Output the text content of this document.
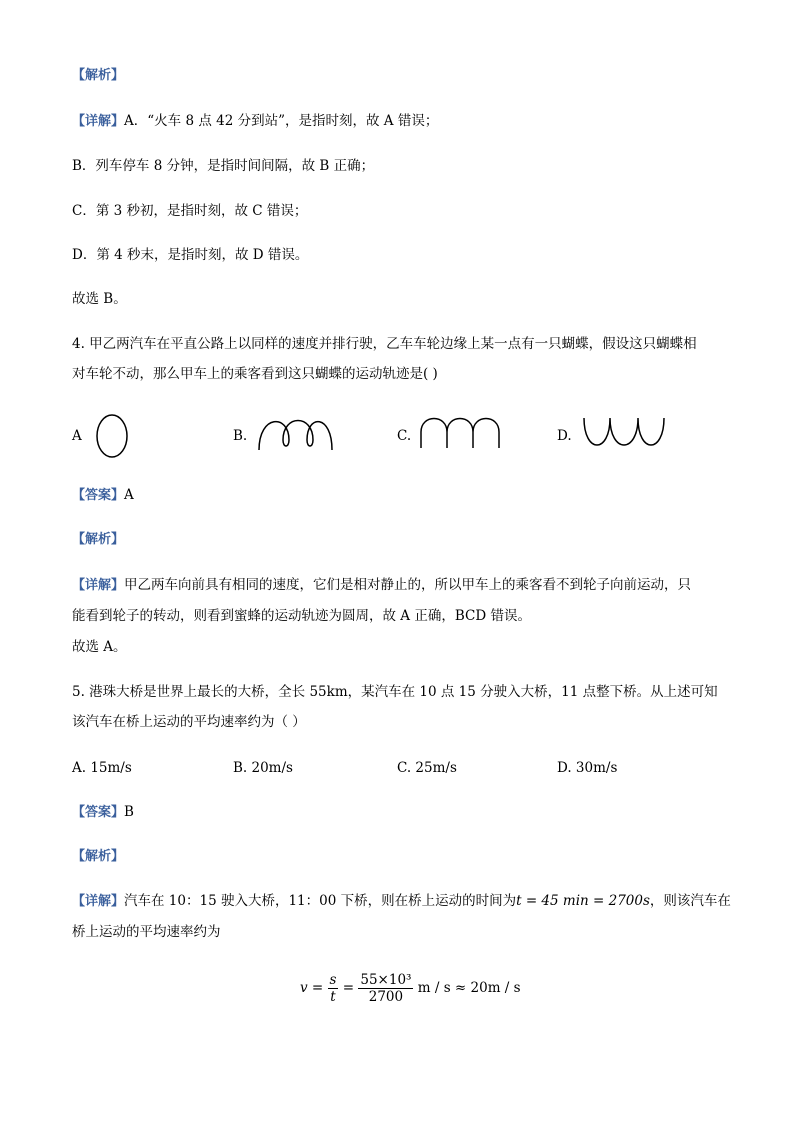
【解析】
【详解】A．“火车 8 点 42 分到站”，是指时刻，故 A 错误；
B．列车停车 8 分钟，是指时间间隔，故 B 正确；
C．第 3 秒初，是指时刻，故 C 错误；
D．第 4 秒末，是指时刻，故 D 错误。
故选 B。
4. 甲乙两汽车在平直公路上以同样的速度并排行驶，乙车车轮边缘上某一点有一只蝴蝶，假设这只蝴蝶相
对车轮不动，那么甲车上的乘客看到这只蝴蝶的运动轨迹是( )
A	B.	C.	D.
【答案】A
【解析】
【详解】甲乙两车向前具有相同的速度，它们是相对静止的，所以甲车上的乘客看不到轮子向前运动，只
能看到轮子的转动，则看到蜜蜂的运动轨迹为圆周，故 A 正确，BCD 错误。
故选 A。
5. 港珠大桥是世界上最长的大桥，全长 55km，某汽车在 10 点 15 分驶入大桥，11 点整下桥。从上述可知
该汽车在桥上运动的平均速率约为（ ）
A. 15m/s	B. 20m/s	C. 25m/s	D. 30m/s
【答案】B
【解析】
【详解】汽车在 10：15 驶入大桥，11：00 下桥，则在桥上运动的时间为t = 45 min = 2700s，则该汽车在
桥上运动的平均速率约为
$v = \frac{s}{t} = \frac{\text{55×10³}}{2700}$ m / s ≈ 20m / s
